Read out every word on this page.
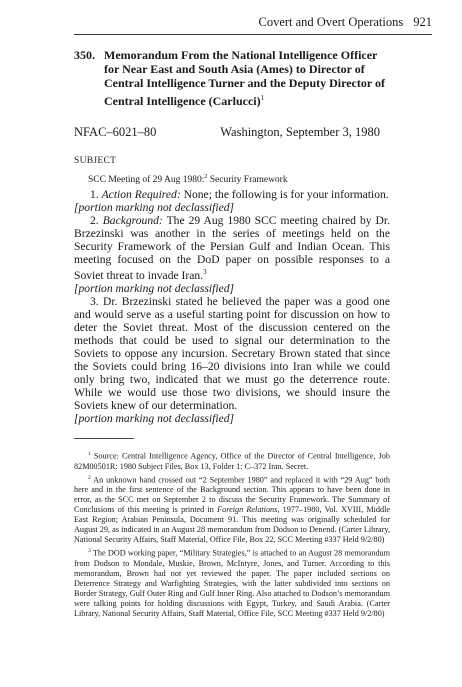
Covert and Overt Operations 921
350. Memorandum From the National Intelligence Officer for Near East and South Asia (Ames) to Director of Central Intelligence Turner and the Deputy Director of Central Intelligence (Carlucci)$^1$
NFAC–6021–80	Washington, September 3, 1980
SUBJECT
SCC Meeting of 29 Aug 1980:$^2$ Security Framework

1. Action Required: None; the following is for your information.
[portion marking not declassified]

2. Background: The 29 Aug 1980 SCC meeting chaired by Dr. Brzezinski was another in the series of meetings held on the Security Framework of the Persian Gulf and Indian Ocean. This meeting focused on the DoD paper on possible responses to a Soviet threat to invade Iran.$^3$
[portion marking not declassified]

3. Dr. Brzezinski stated he believed the paper was a good one and would serve as a useful starting point for discussion on how to deter the Soviet threat. Most of the discussion centered on the methods that could be used to signal our determination to the Soviets to oppose any incursion. Secretary Brown stated that since the Soviets could bring 16–20 divisions into Iran while we could only bring two, indicated that we must go the deterrence route. While we would use those two divisions, we should insure the Soviets knew of our determination.
[portion marking not declassified]

$^1$ Source: Central Intelligence Agency, Office of the Director of Central Intelligence, Job 82M00501R: 1980 Subject Files, Box 13, Folder 1: C–372 Iran. Secret.

$^2$ An unknown hand crossed out “2 September 1980” and replaced it with “29 Aug” both here and in the first sentence of the Background section. This appears to have been done in error, as the SCC met on September 2 to discuss the Security Framework. The Summary of Conclusions of this meeting is printed in Foreign Relations, 1977–1980, Vol. XVIII, Middle East Region; Arabian Peninsula, Document 91. This meeting was originally scheduled for August 29, as indicated in an August 28 memorandum from Dodson to Denend. (Carter Library, National Security Affairs, Staff Material, Office File, Box 22, SCC Meeting #337 Held 9/2/80)

$^3$ The DOD working paper, “Military Strategies,” is attached to an August 28 memorandum from Dodson to Mondale, Muskie, Brown, McIntyre, Jones, and Turner. According to this memorandum, Brown had not yet reviewed the paper. The paper included sections on Deterrence Strategy and Warfighting Strategies, with the latter subdivided into sections on Border Strategy, Gulf Outer Ring and Gulf Inner Ring. Also attached to Dodson’s memorandum were talking points for holding discussions with Egypt, Turkey, and Saudi Arabia. (Carter Library, National Security Affairs, Staff Material, Office File, SCC Meeting #337 Held 9/2/80)
